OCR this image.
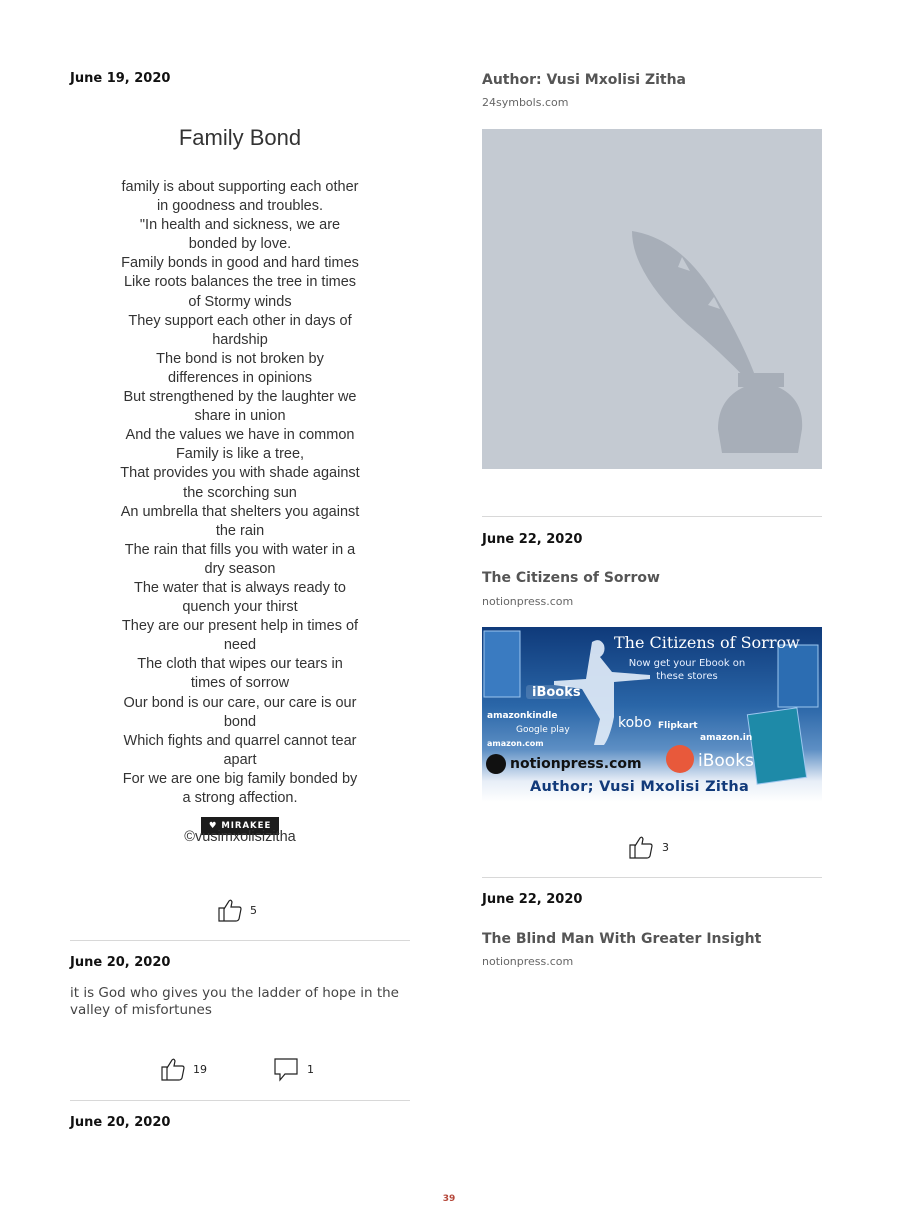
June 19, 2020
Family Bond
family is about supporting each other
in goodness and troubles.
"In health and sickness, we are
bonded by love.
Family bonds in good and hard times
Like roots balances the tree in times
of Stormy winds
They support each other in days of
hardship
The bond is not broken by
differences in opinions
But strengthened by the laughter we
share in union
And the values we have in common
Family is like a tree,
That provides you with shade against
the scorching sun
An umbrella that shelters you against
the rain
The rain that fills you with water in a
dry season
The water that is always ready to
quench your thirst
They are our present help in times of
need
The cloth that wipes our tears in
times of sorrow
Our bond is our care, our care is our
bond
Which fights and quarrel cannot tear
apart
For we are one big family bonded by
a strong affection.
♥ MIRAKEE
©vusimxolisizitha
5
June 20, 2020
it is God who gives you the ladder of hope in the valley of misfortunes
19	1
June 20, 2020
Author: Vusi Mxolisi Zitha
24symbols.com
June 22, 2020
The Citizens of Sorrow
notionpress.com
The Citizens of Sorrow
Now get your Ebook on these stores
iBooks
amazonkindle
Google play	kobo Flipkart
amazon.in
amazon.com
notionpress.com	iBooks
Author; Vusi Mxolisi Zitha
3
June 22, 2020
The Blind Man With Greater Insight
notionpress.com
39
